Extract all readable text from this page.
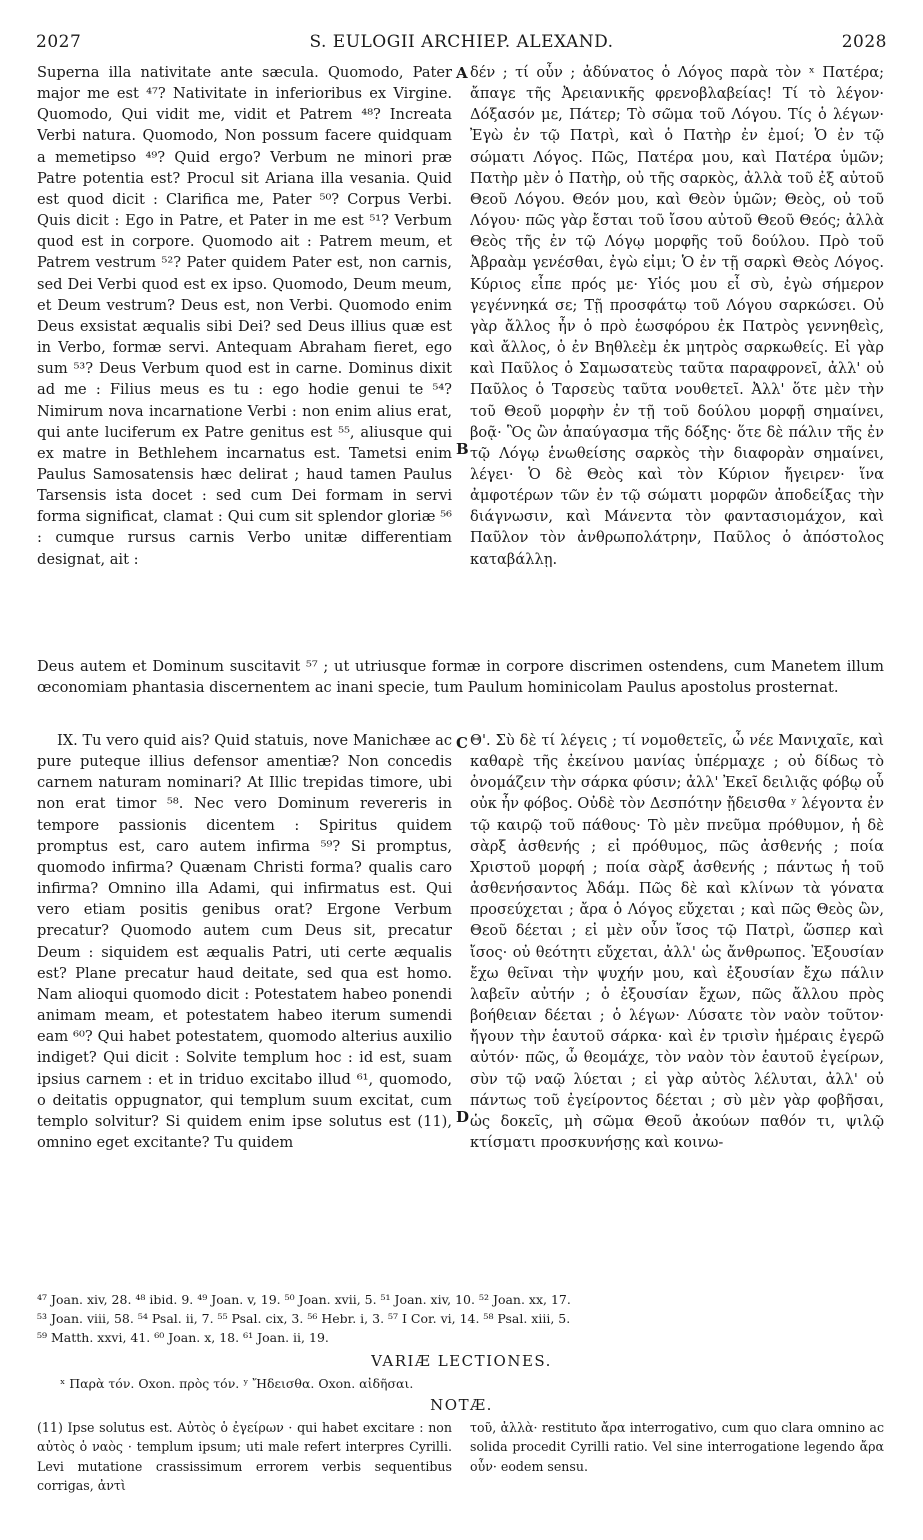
2027	S. EULOGII ARCHIEP. ALEXAND.	2028
A
B
C
D

Superna illa nativitate ante sæcula. Quomodo, Pater major me est ⁴⁷? Nativitate in inferioribus ex Virgine. Quomodo, Qui vidit me, vidit et Patrem ⁴⁸? Increata Verbi natura. Quomodo, Non possum facere quidquam a memetipso ⁴⁹? Quid ergo? Verbum ne minori præ Patre potentia est? Procul sit Ariana illa vesania. Quid est quod dicit : Clarifica me, Pater ⁵⁰? Corpus Verbi. Quis dicit : Ego in Patre, et Pater in me est ⁵¹? Verbum quod est in corpore. Quomodo ait : Patrem meum, et Patrem vestrum ⁵²? Pater quidem Pater est, non carnis, sed Dei Verbi quod est ex ipso. Quomodo, Deum meum, et Deum vestrum? Deus est, non Verbi. Quomodo enim Deus exsistat æqualis sibi Dei? sed Deus illius quæ est in Verbo, formæ servi. Antequam Abraham fieret, ego sum ⁵³? Deus Verbum quod est in carne. Dominus dixit ad me : Filius meus es tu : ego hodie genui te ⁵⁴? Nimirum nova incarnatione Verbi : non enim alius erat, qui ante luciferum ex Patre genitus est ⁵⁵, aliusque qui ex matre in Bethlehem incarnatus est. Tametsi enim Paulus Samosatensis hæc delirat ; haud tamen Paulus Tarsensis ista docet : sed cum Dei formam in servi forma significat, clamat : Qui cum sit splendor gloriæ ⁵⁶ : cumque rursus carnis Verbo unitæ differentiam designat, ait :

δέν ; τί οὖν ; ἀδύνατος ὁ Λόγος παρὰ τὸν ˣ Πατέρα; ἄπαγε τῆς Ἀρειανικῆς φρενοβλαβείας! Τί τὸ λέγον· Δόξασόν με, Πάτερ; Τὸ σῶμα τοῦ Λόγου. Τίς ὁ λέγων· Ἐγὼ ἐν τῷ Πατρὶ, καὶ ὁ Πατὴρ ἐν ἐμοί; Ὁ ἐν τῷ σώματι Λόγος. Πῶς, Πατέρα μου, καὶ Πατέρα ὑμῶν; Πατὴρ μὲν ὁ Πατὴρ, οὐ τῆς σαρκὸς, ἀλλὰ τοῦ ἐξ αὐτοῦ Θεοῦ Λόγου. Θεόν μου, καὶ Θεὸν ὑμῶν; Θεὸς, οὐ τοῦ Λόγου· πῶς γὰρ ἔσται τοῦ ἴσου αὐτοῦ Θεοῦ Θεός; ἀλλὰ Θεὸς τῆς ἐν τῷ Λόγῳ μορφῆς τοῦ δούλου. Πρὸ τοῦ Ἀβραὰμ γενέσθαι, ἐγὼ εἰμι; Ὁ ἐν τῇ σαρκὶ Θεὸς Λόγος. Κύριος εἶπε πρός με· Υἱός μου εἶ σὺ, ἐγὼ σήμερον γεγέννηκά σε; Τῇ προσφάτῳ τοῦ Λόγου σαρκώσει. Οὐ γὰρ ἄλλος ἦν ὁ πρὸ ἑωσφόρου ἐκ Πατρὸς γεννηθεὶς, καὶ ἄλλος, ὁ ἐν Βηθλεὲμ ἐκ μητρὸς σαρκωθείς. Εἰ γὰρ καὶ Παῦλος ὁ Σαμωσατεὺς ταῦτα παραφρονεῖ, ἀλλ' οὐ Παῦλος ὁ Ταρσεὺς ταῦτα νουθετεῖ. Ἀλλ' ὅτε μὲν τὴν τοῦ Θεοῦ μορφὴν ἐν τῇ τοῦ δούλου μορφῇ σημαίνει, βοᾷ· Ὃς ὢν ἀπαύγασμα τῆς δόξης· ὅτε δὲ πάλιν τῆς ἐν τῷ Λόγῳ ἑνωθείσης σαρκὸς τὴν διαφορὰν σημαίνει, λέγει· Ὁ δὲ Θεὸς καὶ τὸν Κύριον ἤγειρεν· ἵνα ἀμφοτέρων τῶν ἐν τῷ σώματι μορφῶν ἀποδείξας τὴν διάγνωσιν, καὶ Μάνεντα τὸν φαντασιομάχον, καὶ Παῦλον τὸν ἀνθρωπολάτρην, Παῦλος ὁ ἀπόστολος καταβάλλῃ.

Deus autem et Dominum suscitavit ⁵⁷ ; ut utriusque formæ in corpore discrimen ostendens, cum Manetem illum œconomiam phantasia discernentem ac inani specie, tum Paulum hominicolam Paulus apostolus prosternat.

IX. Tu vero quid ais? Quid statuis, nove Manichæe ac pure puteque illius defensor amentiæ? Non concedis carnem naturam nominari? At Illic trepidas timore, ubi non erat timor ⁵⁸. Nec vero Dominum revereris in tempore passionis dicentem : Spiritus quidem promptus est, caro autem infirma ⁵⁹? Si promptus, quomodo infirma? Quænam Christi forma? qualis caro infirma? Omnino illa Adami, qui infirmatus est. Qui vero etiam positis genibus orat? Ergone Verbum precatur? Quomodo autem cum Deus sit, precatur Deum : siquidem est æqualis Patri, uti certe æqualis est? Plane precatur haud deitate, sed qua est homo. Nam alioqui quomodo dicit : Potestatem habeo ponendi animam meam, et potestatem habeo iterum sumendi eam ⁶⁰? Qui habet potestatem, quomodo alterius auxilio indiget? Qui dicit : Solvite templum hoc : id est, suam ipsius carnem : et in triduo excitabo illud ⁶¹, quomodo, o deitatis oppugnator, qui templum suum excitat, cum templo solvitur? Si quidem enim ipse solutus est (11), omnino eget excitante? Tu quidem

Θ'. Σὺ δὲ τί λέγεις ; τί νομοθετεῖς, ὦ νέε Μανιχαῖε, καὶ καθαρὲ τῆς ἐκείνου μανίας ὑπέρμαχε ; οὐ δίδως τὸ ὀνομάζειν τὴν σάρκα φύσιν; ἀλλ' Ἐκεῖ δειλιᾷς φόβῳ οὗ οὐκ ἦν φόβος. Οὐδὲ τὸν Δεσπότην ᾔδεισθα ʸ λέγοντα ἐν τῷ καιρῷ τοῦ πάθους· Τὸ μὲν πνεῦμα πρόθυμον, ἡ δὲ σὰρξ ἀσθενής ; εἰ πρόθυμος, πῶς ἀσθενής ; ποία Χριστοῦ μορφή ; ποία σὰρξ ἀσθενής ; πάντως ἡ τοῦ ἀσθενήσαντος Ἀδάμ. Πῶς δὲ καὶ κλίνων τὰ γόνατα προσεύχεται ; ἄρα ὁ Λόγος εὔχεται ; καὶ πῶς Θεὸς ὢν, Θεοῦ δέεται ; εἰ μὲν οὖν ἴσος τῷ Πατρὶ, ὥσπερ καὶ ἴσος· οὐ θεότητι εὔχεται, ἀλλ' ὡς ἄνθρωπος. Ἐξουσίαν ἔχω θεῖναι τὴν ψυχήν μου, καὶ ἐξουσίαν ἔχω πάλιν λαβεῖν αὐτήν ; ὁ ἐξουσίαν ἔχων, πῶς ἄλλου πρὸς βοήθειαν δέεται ; ὁ λέγων· Λύσατε τὸν ναὸν τοῦτον· ἤγουν τὴν ἑαυτοῦ σάρκα· καὶ ἐν τρισὶν ἡμέραις ἐγερῶ αὐτόν· πῶς, ὦ θεομάχε, τὸν ναὸν τὸν ἑαυτοῦ ἐγείρων, σὺν τῷ ναῷ λύεται ; εἰ γὰρ αὐτὸς λέλυται, ἀλλ' οὐ πάντως τοῦ ἐγείροντος δέεται ; σὺ μὲν γὰρ φοβῆσαι, ὡς δοκεῖς, μὴ σῶμα Θεοῦ ἀκούων παθόν τι, ψιλῷ κτίσματι προσκυνήσῃς καὶ κοινω-

⁴⁷ Joan. xiv, 28. ⁴⁸ ibid. 9. ⁴⁹ Joan. v, 19. ⁵⁰ Joan. xvii, 5. ⁵¹ Joan. xiv, 10. ⁵² Joan. xx, 17.

⁵³ Joan. viii, 58. ⁵⁴ Psal. ii, 7. ⁵⁵ Psal. cix, 3. ⁵⁶ Hebr. i, 3. ⁵⁷ I Cor. vi, 14. ⁵⁸ Psal. xiii, 5.

⁵⁹ Matth. xxvi, 41. ⁶⁰ Joan. x, 18. ⁶¹ Joan. ii, 19.

VARIÆ LECTIONES.
ˣ Παρὰ τόν. Oxon. πρὸς τόν. ʸ Ἤδεισθα. Oxon. αἰδῆσαι.
NOTÆ.

(11) Ipse solutus est. Αὐτὸς ὁ ἐγείρων · qui habet excitare : non αὐτὸς ὁ ναὸς · templum ipsum; uti male refert interpres Cyrilli. Levi mutatione crassissimum errorem verbis sequentibus corrigas, ἀντὶ

τοῦ, ἀλλὰ· restituto ἄρα interrogativo, cum quo clara omnino ac solida procedit Cyrilli ratio. Vel sine interrogatione legendo ἄρα οὖν· eodem sensu.
